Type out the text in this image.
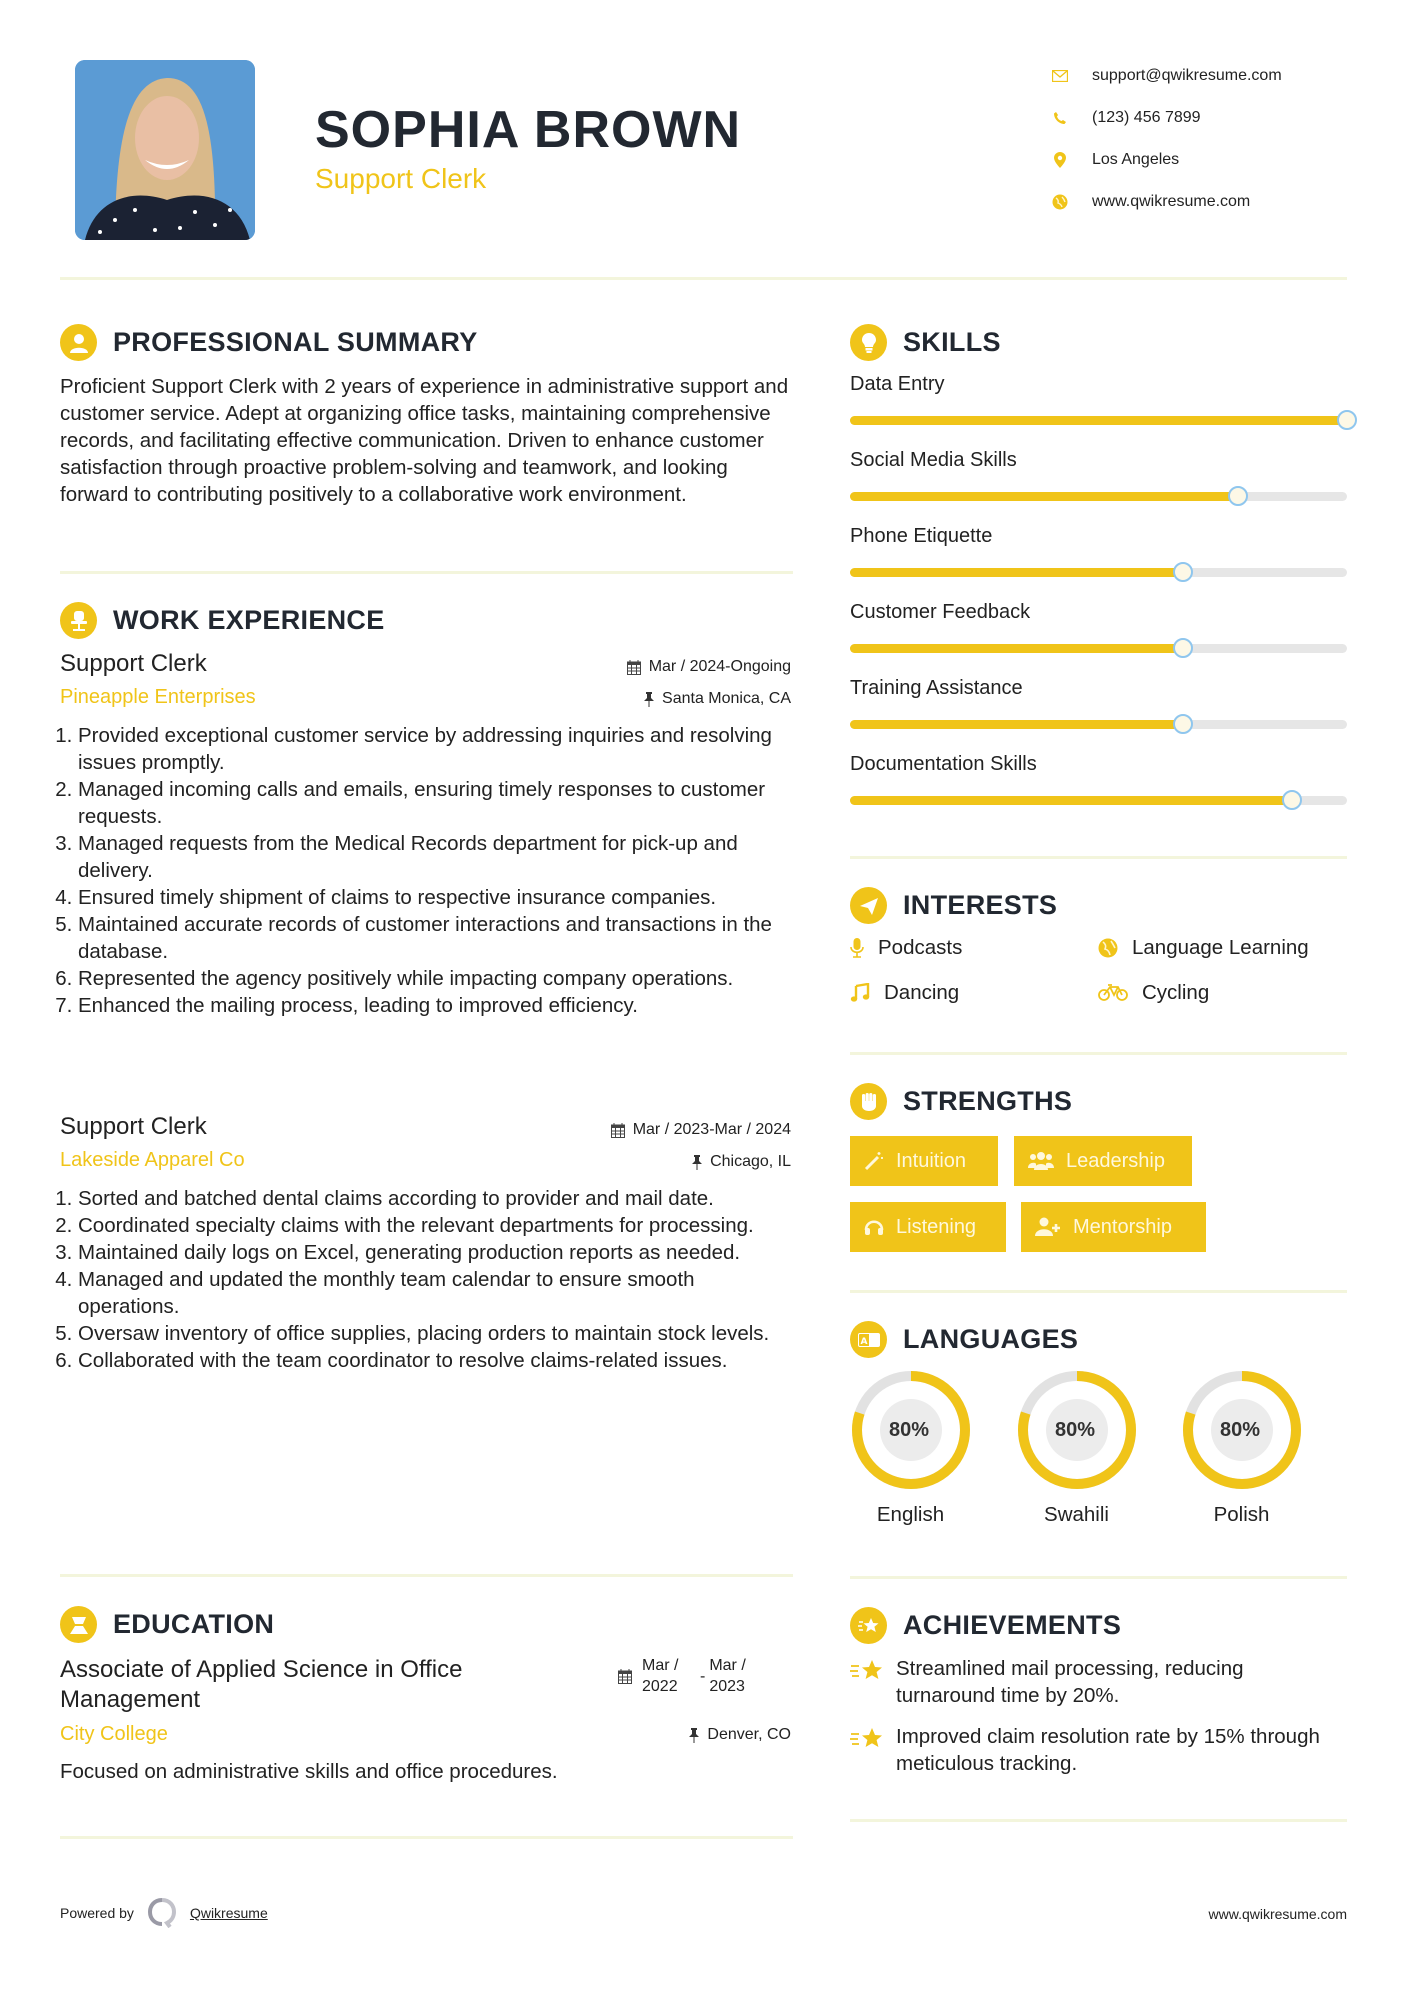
SOPHIA BROWN
Support Clerk
support@qwikresume.com
(123) 456 7899
Los Angeles
www.qwikresume.com
PROFESSIONAL SUMMARY
Proficient Support Clerk with 2 years of experience in administrative support and customer service. Adept at organizing office tasks, maintaining comprehensive records, and facilitating effective communication. Driven to enhance customer satisfaction through proactive problem-solving and teamwork, and looking forward to contributing positively to a collaborative work environment.
WORK EXPERIENCE
Support Clerk	Mar / 2024-Ongoing
Pineapple Enterprises	Santa Monica, CA
1. Provided exceptional customer service by addressing inquiries and resolving issues promptly.
2. Managed incoming calls and emails, ensuring timely responses to customer requests.
3. Managed requests from the Medical Records department for pick-up and delivery.
4. Ensured timely shipment of claims to respective insurance companies.
5. Maintained accurate records of customer interactions and transactions in the database.
6. Represented the agency positively while impacting company operations.
7. Enhanced the mailing process, leading to improved efficiency.
Support Clerk	Mar / 2023-Mar / 2024
Lakeside Apparel Co	Chicago, IL
1. Sorted and batched dental claims according to provider and mail date.
2. Coordinated specialty claims with the relevant departments for processing.
3. Maintained daily logs on Excel, generating production reports as needed.
4. Managed and updated the monthly team calendar to ensure smooth operations.
5. Oversaw inventory of office supplies, placing orders to maintain stock levels.
6. Collaborated with the team coordinator to resolve claims-related issues.
EDUCATION
Associate of Applied Science in Office Management
Mar / 2022
-
Mar / 2023
City College	Denver, CO
Focused on administrative skills and office procedures.
SKILLS
Data Entry
Social Media Skills
Phone Etiquette
Customer Feedback
Training Assistance
Documentation Skills
INTERESTS
Podcasts	Language Learning
Dancing	Cycling
STRENGTHS
Intuition	Leadership
Listening	Mentorship
A LANGUAGES
80%
English
80%
Swahili
80%
Polish
ACHIEVEMENTS
Streamlined mail processing, reducing turnaround time by 20%.
Improved claim resolution rate by 15% through meticulous tracking.
Powered by	Qwikresume	www.qwikresume.com
